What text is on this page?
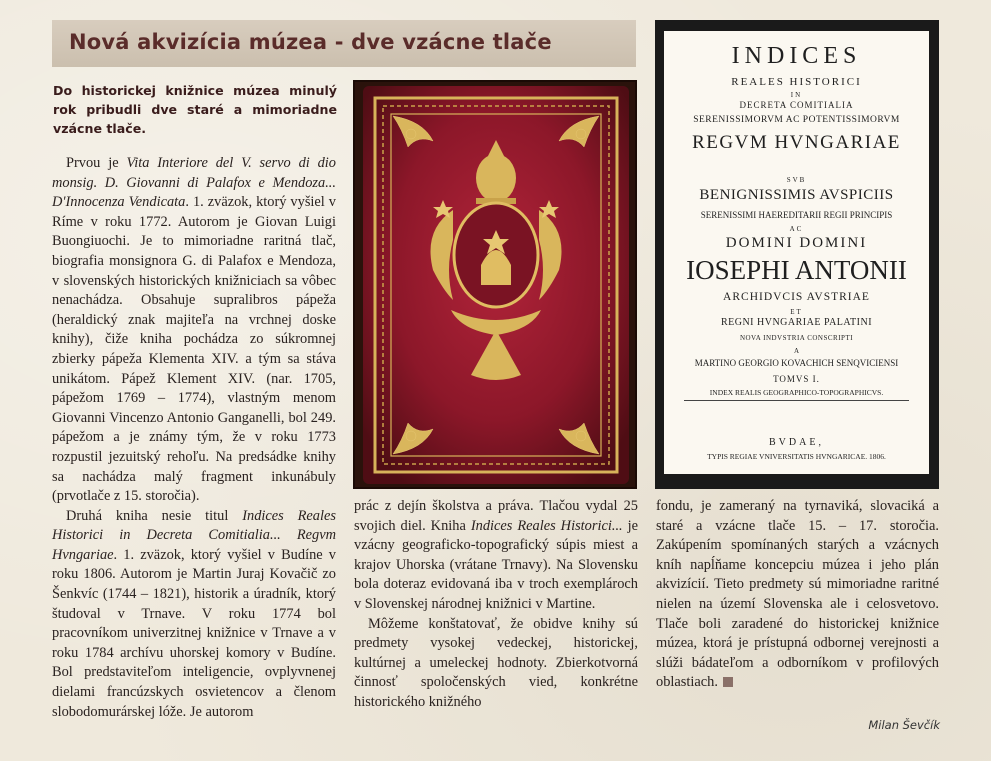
Nová akvizícia múzea - dve vzácne tlače
Do historickej knižnice múzea minulý rok pribudli dve staré a mimoriadne vzácne tlače.

Prvou je Vita Interiore del V. servo di dio monsig. D. Giovanni di Palafox e Mendoza... D'Innocenza Vendicata. 1. zväzok, ktorý vyšiel v Ríme v roku 1772. Autorom je Giovan Luigi Buongiuochi. Je to mimoriadne raritná tlač, biografia monsignora G. di Palafox e Mendoza, v slovenských historických knižniciach sa vôbec nenachádza. Obsahuje supralibros pápeža (heraldický znak majiteľa na vrchnej doske knihy), čiže kniha pochádza zo súkromnej zbierky pápeža Klementa XIV. a tým sa stáva unikátom. Pápež Klement XIV. (nar. 1705, pápežom 1769 – 1774), vlastným menom Giovanni Vincenzo Antonio Ganganelli, bol 249. pápežom a je známy tým, že v roku 1773 rozpustil jezuitský rehoľu. Na predsádke knihy sa nachádza malý fragment inkunábuly (prvotlače z 15. storočia).

Druhá kniha nesie titul Indices Reales Historici in Decreta Comitialia... Regvm Hvngariae. 1. zväzok, ktorý vyšiel v Budíne v roku 1806. Autorom je Martin Juraj Kovačič zo Šenkvíc (1744 – 1821), historik a úradník, ktorý študoval v Trnave. V roku 1774 bol pracovníkom univerzitnej knižnice v Trnave a v roku 1784 archívu uhorskej komory v Budíne. Bol predstaviteľom inteligencie, ovplyvnenej dielami francúzskych osvietencov a členom slobodomurárskej lóže. Je autorom

INDICES
REALES HISTORICI
IN
DECRETA COMITIALIA
SERENISSIMORVM AC POTENTISSIMORVM
REGVM HVNGARIAE
SVB
BENIGNISSIMIS AVSPICIIS
SERENISSIMI HAEREDITARII REGII PRINCIPIS
AC
DOMINI DOMINI
IOSEPHI ANTONII
ARCHIDVCIS AVSTRIAE
ET
REGNI HVNGARIAE PALATINI
NOVA INDVSTRIA CONSCRIPTI
A
MARTINO GEORGIO KOVACHICH SENQVICIENSI
TOMVS I.
INDEX REALIS GEOGRAPHICO-TOPOGRAPHICVS.
BVDAE,
TYPIS REGIAE VNIVERSITATIS HVNGARICAE. 1806.

prác z dejín školstva a práva. Tlačou vydal 25 svojich diel. Kniha Indices Reales Historici... je vzácny geograficko-topografický súpis miest a krajov Uhorska (vrátane Trnavy). Na Slovensku bola doteraz evidovaná iba v troch exemplároch v Slovenskej národnej knižnici v Martine.

Môžeme konštatovať, že obidve knihy sú predmety vysokej vedeckej, historickej, kultúrnej a umeleckej hodnoty. Zbierkotvorná činnosť spoločenských vied, konkrétne historického knižného

fondu, je zameraný na tyrnaviká, slovaciká a staré a vzácne tlače 15. – 17. storočia. Zakúpením spomínaných starých a vzácnych kníh napĺňame koncepciu múzea i jeho plán akvizícií. Tieto predmety sú mimoriadne raritné nielen na území Slovenska ale i celosvetovo. Tlače boli zaradené do historickej knižnice múzea, ktorá je prístupná odbornej verejnosti a slúži bádateľom a odborníkom v profilových oblastiach.

Milan Ševčík
